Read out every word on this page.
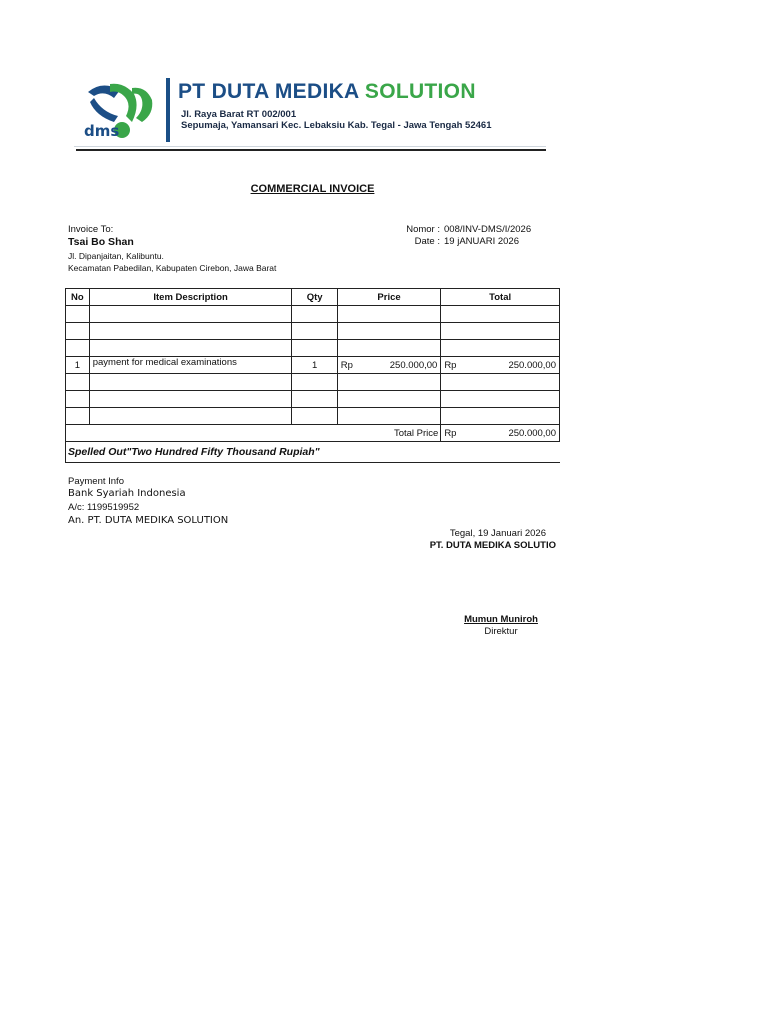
dms
PT DUTA MEDIKA SOLUTION
Jl. Raya Barat RT 002/001
Sepumaja, Yamansari Kec. Lebaksiu Kab. Tegal - Jawa Tengah 52461
COMMERCIAL INVOICE
Invoice To:
Tsai Bo Shan
Jl. Dipanjaitan, Kalibuntu.
Kecamatan Pabedilan, Kabupaten Cirebon, Jawa Barat
Nomor : 008/INV-DMS/I/2026
Date : 19 jANUARI 2026
No	Item Description	Qty	Price	Total

1	payment for medical examinations	1	Rp 250.000,00	Rp 250.000,00

Total Price				Rp 250.000,00
Spelled Out"Two Hundred Fifty Thousand Rupiah"
Payment Info
Bank Syariah Indonesia
A/c: 1199519952
An. PT. DUTA MEDIKA SOLUTION
Tegal, 19 Januari 2026
PT. DUTA MEDIKA SOLUTIO
Mumun Muniroh
Direktur
